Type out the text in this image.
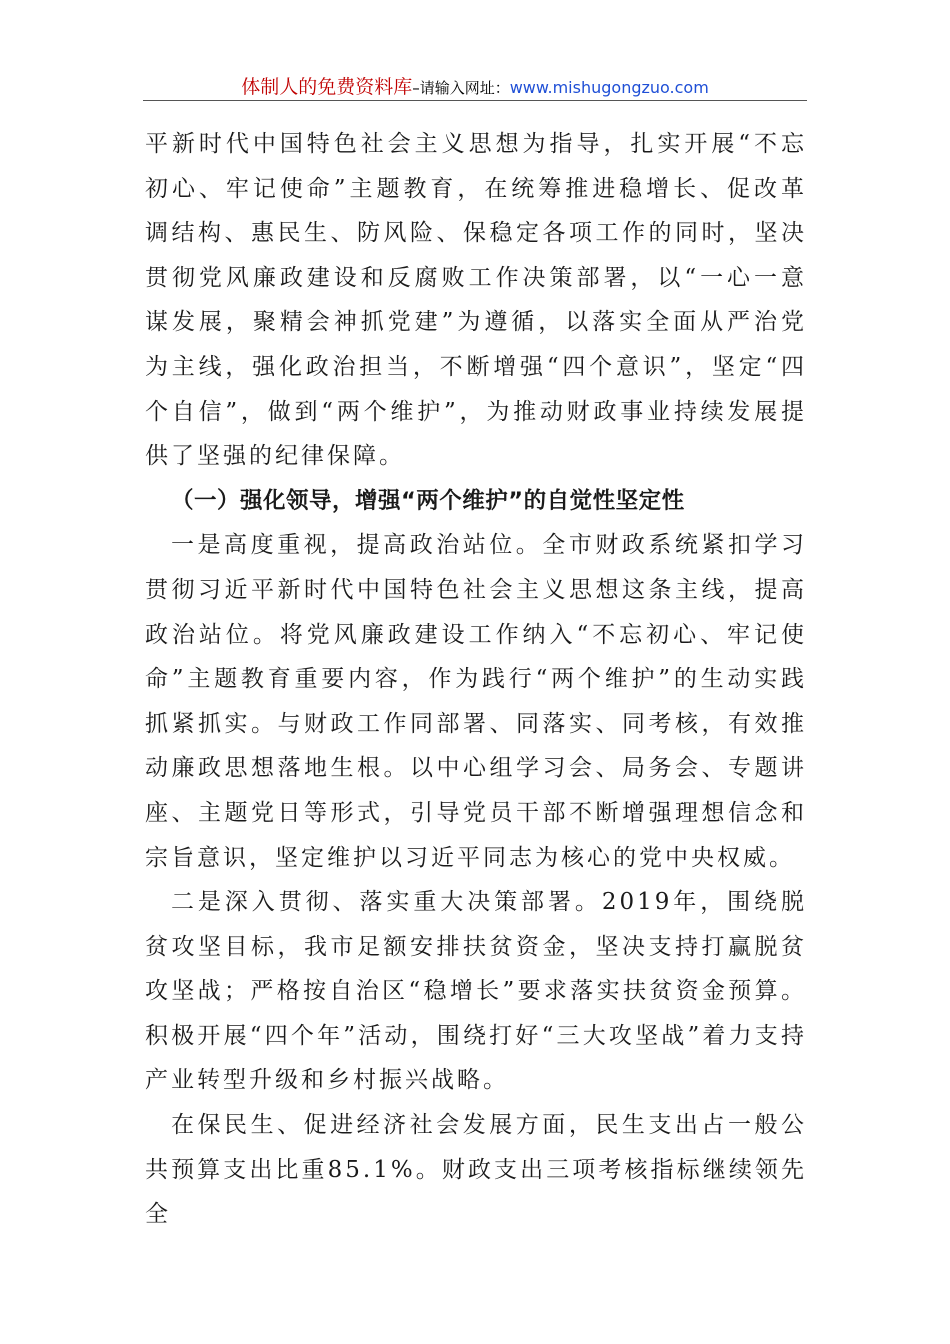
体制人的免费资料库–请输入网址：www.mishugongzuo.com

平新时代中国特色社会主义思想为指导，扎实开展“不忘初心、牢记使命”主题教育，在统筹推进稳增长、促改革调结构、惠民生、防风险、保稳定各项工作的同时，坚决贯彻党风廉政建设和反腐败工作决策部署，以“一心一意谋发展，聚精会神抓党建”为遵循，以落实全面从严治党为主线，强化政治担当，不断增强“四个意识”，坚定“四个自信”，做到“两个维护”，为推动财政事业持续发展提供了坚强的纪律保障。

（一）强化领导，增强“两个维护”的自觉性坚定性

一是高度重视，提高政治站位。全市财政系统紧扣学习贯彻习近平新时代中国特色社会主义思想这条主线，提高政治站位。将党风廉政建设工作纳入“不忘初心、牢记使命”主题教育重要内容，作为践行“两个维护”的生动实践抓紧抓实。与财政工作同部署、同落实、同考核，有效推动廉政思想落地生根。以中心组学习会、局务会、专题讲座、主题党日等形式，引导党员干部不断增强理想信念和宗旨意识，坚定维护以习近平同志为核心的党中央权威。

二是深入贯彻、落实重大决策部署。2019年，围绕脱贫攻坚目标，我市足额安排扶贫资金，坚决支持打赢脱贫攻坚战；严格按自治区“稳增长”要求落实扶贫资金预算。积极开展“四个年”活动，围绕打好“三大攻坚战”着力支持产业转型升级和乡村振兴战略。

在保民生、促进经济社会发展方面，民生支出占一般公共预算支出比重85.1%。财政支出三项考核指标继续领先全
